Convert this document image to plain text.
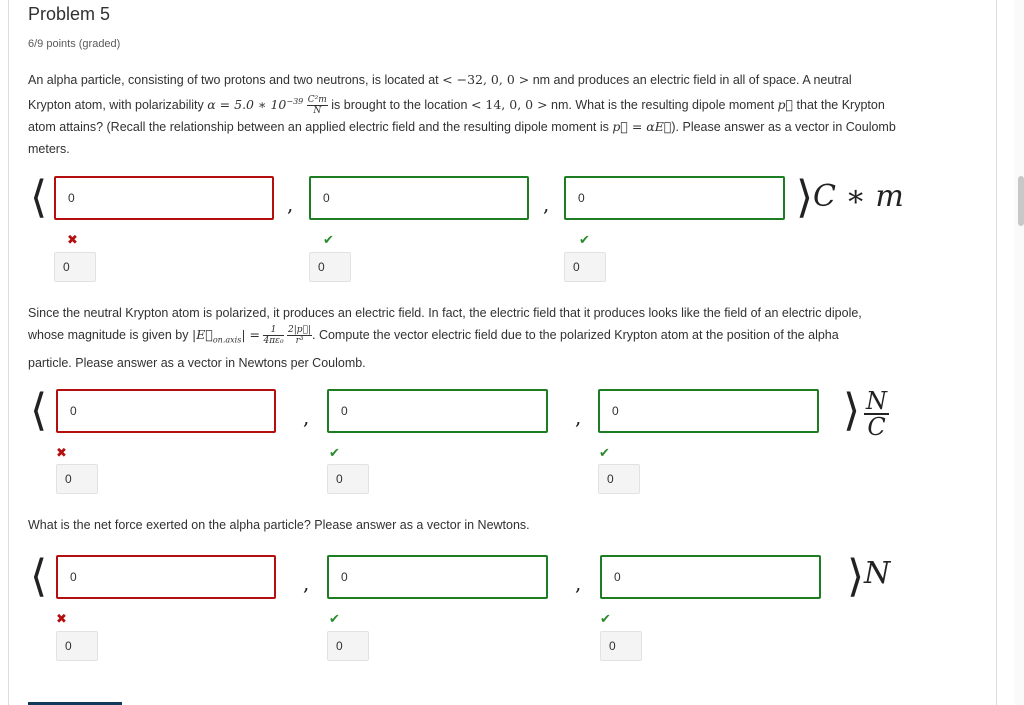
Problem 5
6/9 points (graded)
An alpha particle, consisting of two protons and two neutrons, is located at < −32, 0, 0 > nm and produces an electric field in all of space. A neutral
Krypton atom, with polarizability α = 5.0 ∗ $10^{-39} \frac{\text{C²m}}{N}$ is brought to the location < 14, 0, 0 > nm. What is the resulting dipole moment p⃗ that the Krypton
atom attains? (Recall the relationship between an applied electric field and the resulting dipole moment is p⃗ = αE⃗). Please answer as a vector in Coulomb
meters.
⟨
0	,
0	,
0	⟩ C ∗ m
✖	✔	✔
0	0	0
Since the neutral Krypton atom is polarized, it produces an electric field. In fact, the electric field that it produces looks like the field of an electric dipole,
whose magnitude is given by $|E⃗_{on.axis}| = \frac{1}{\text{4πε₀}}$
$\frac{2|p⃗|}{\text{r³}}$ . Compute the vector electric field due to the polarized Krypton atom at the position of the alpha
particle. Please answer as a vector in Newtons per Coulomb.
⟨
0	,
0	,
0	⟩ N
C
✖	✔	✔
0	0	0
What is the net force exerted on the alpha particle? Please answer as a vector in Newtons.
⟨
0	,
0	,
0	⟩ N
✖	✔	✔
0	0	0
